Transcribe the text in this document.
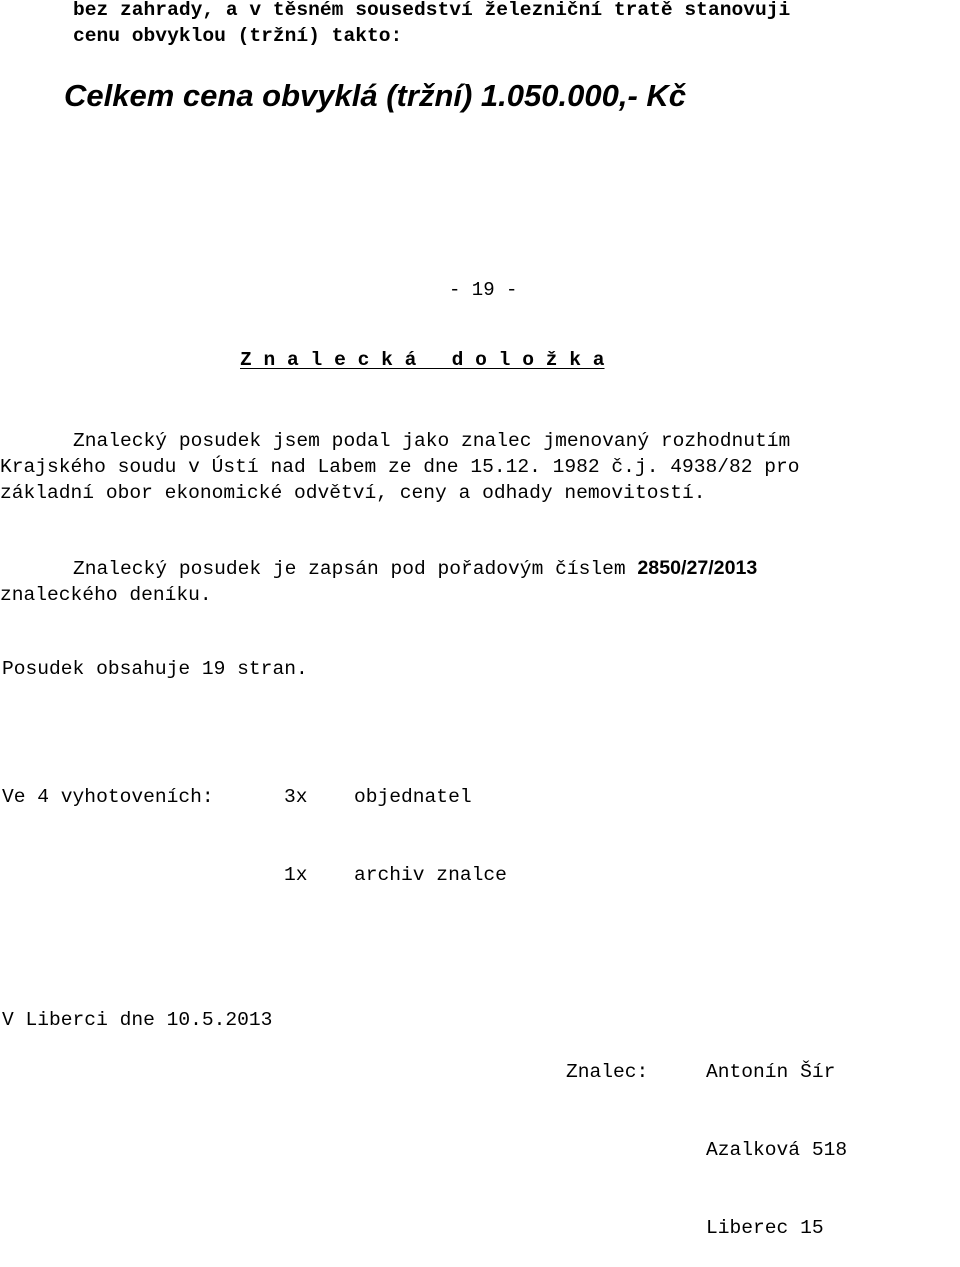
bez zahrady, a v těsném sousedství železniční tratě stanovuji

cenu obvyklou (tržní) takto:
Celkem cena obvyklá (tržní) 1.050.000,- Kč
- 19 -
Z n a l e c k á   d o l o ž k a
Znalecký posudek jsem podal jako znalec jmenovaný rozhodnutím
Krajského soudu v Ústí nad Labem ze dne 15.12. 1982 č.j. 4938/82 pro
základní obor ekonomické odvětví, ceny a odhady nemovitostí.
Znalecký posudek je zapsán pod pořadovým číslem 2850/27/2013
znaleckého deníku.
Posudek obsahuje 19 stran.

Ve 4 vyhotoveních:	3x	objednatel

1x	archiv znalce

V Liberci dne 10.5.2013

Znalec:	Antonín Šír

Azalková 518

Liberec 15
